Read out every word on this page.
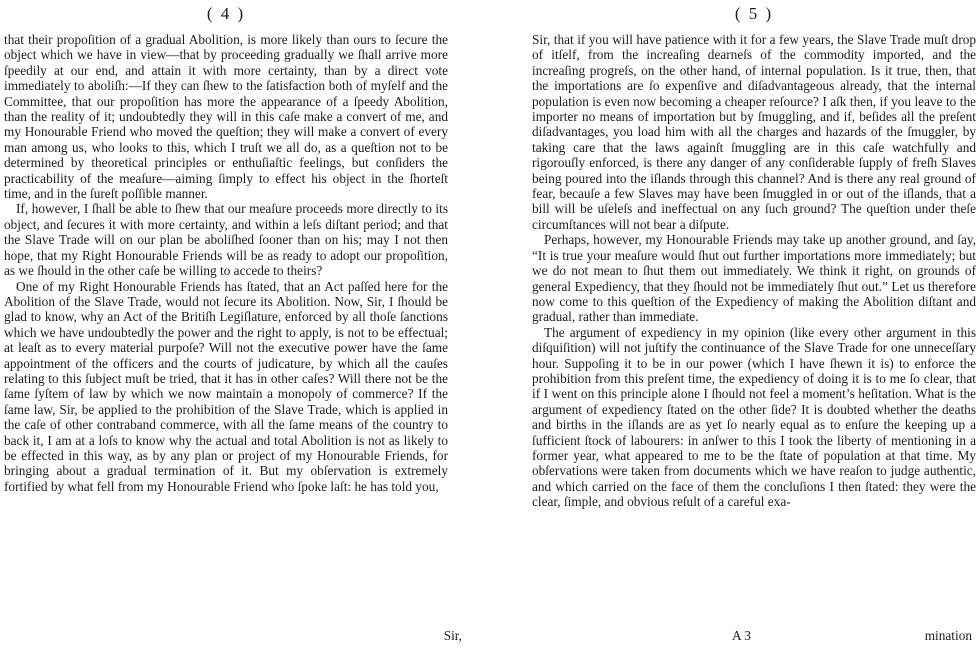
( 4 )

that their propoſition of a gradual Abolition, is more likely than ours to ſecure the object which we have in view—that by proceeding gradually we ſhall arrive more ſpeedily at our end, and attain it with more certainty, than by a direct vote immediately to aboliſh:—If they can ſhew to the ſatisfaction both of myſelf and the Committee, that our propoſition has more the appearance of a ſpeedy Abolition, than the reality of it; undoubtedly they will in this caſe make a convert of me, and my Honourable Friend who moved the queſtion; they will make a convert of every man among us, who looks to this, which I truſt we all do, as a queſtion not to be determined by theoretical principles or enthuſiaſtic feelings, but conſiders the practicability of the meaſure—aiming ſimply to effect his object in the ſhorteſt time, and in the ſureſt poſſible manner.

If, however, I ſhall be able to ſhew that our meaſure proceeds more directly to its object, and ſecures it with more certainty, and within a leſs diſtant period; and that the Slave Trade will on our plan be aboliſhed ſooner than on his; may I not then hope, that my Right Honourable Friends will be as ready to adopt our propoſition, as we ſhould in the other caſe be willing to accede to theirs?

One of my Right Honourable Friends has ſtated, that an Act paſſed here for the Abolition of the Slave Trade, would not ſecure its Abolition. Now, Sir, I ſhould be glad to know, why an Act of the Britiſh Legiſlature, enforced by all thoſe ſanctions which we have undoubtedly the power and the right to apply, is not to be effectual; at leaſt as to every material purpoſe? Will not the executive power have the ſame appointment of the officers and the courts of judicature, by which all the cauſes relating to this ſubject muſt be tried, that it has in other caſes? Will there not be the ſame ſyſtem of law by which we now maintain a monopoly of commerce? If the ſame law, Sir, be applied to the prohibition of the Slave Trade, which is applied in the caſe of other contraband commerce, with all the ſame means of the country to back it, I am at a loſs to know why the actual and total Abolition is not as likely to be effected in this way, as by any plan or project of my Honourable Friends, for bringing about a gradual termination of it. But my obſervation is extremely fortified by what fell from my Honourable Friend who ſpoke laſt: he has told you,

Sir,
( 5 )

Sir, that if you will have patience with it for a few years, the Slave Trade muſt drop of itſelf, from the increaſing dearneſs of the commodity imported, and the increaſing progreſs, on the other hand, of internal population. Is it true, then, that the importations are ſo expenſive and diſadvantageous already, that the internal population is even now becoming a cheaper reſource? I aſk then, if you leave to the importer no means of importation but by ſmuggling, and if, beſides all the preſent diſadvantages, you load him with all the charges and hazards of the ſmuggler, by taking care that the laws againſt ſmuggling are in this caſe watchfully and rigorouſly enforced, is there any danger of any conſiderable ſupply of freſh Slaves being poured into the iſlands through this channel? And is there any real ground of fear, becauſe a few Slaves may have been ſmuggled in or out of the iſlands, that a bill will be uſeleſs and ineffectual on any ſuch ground? The queſtion under theſe circumſtances will not bear a diſpute.

Perhaps, however, my Honourable Friends may take up another ground, and ſay, “It is true your meaſure would ſhut out further importations more immediately; but we do not mean to ſhut them out immediately. We think it right, on grounds of general Expediency, that they ſhould not be immediately ſhut out.” Let us therefore now come to this queſtion of the Expediency of making the Abolition diſtant and gradual, rather than immediate.

The argument of expediency in my opinion (like every other argument in this diſquiſition) will not juſtify the continuance of the Slave Trade for one unneceſſary hour. Suppoſing it to be in our power (which I have ſhewn it is) to enforce the prohibition from this preſent time, the expediency of doing it is to me ſo clear, that if I went on this principle alone I ſhould not feel a moment’s heſitation. What is the argument of expediency ſtated on the other ſide? It is doubted whether the deaths and births in the iſlands are as yet ſo nearly equal as to enſure the keeping up a ſufficient ſtock of labourers: in anſwer to this I took the liberty of mentioning in a former year, what appeared to me to be the ſtate of population at that time. My obſervations were taken from documents which we have reaſon to judge authentic, and which carried on the face of them the concluſions I then ſtated: they were the clear, ſimple, and obvious reſult of a careful exa-

A 3	mination
